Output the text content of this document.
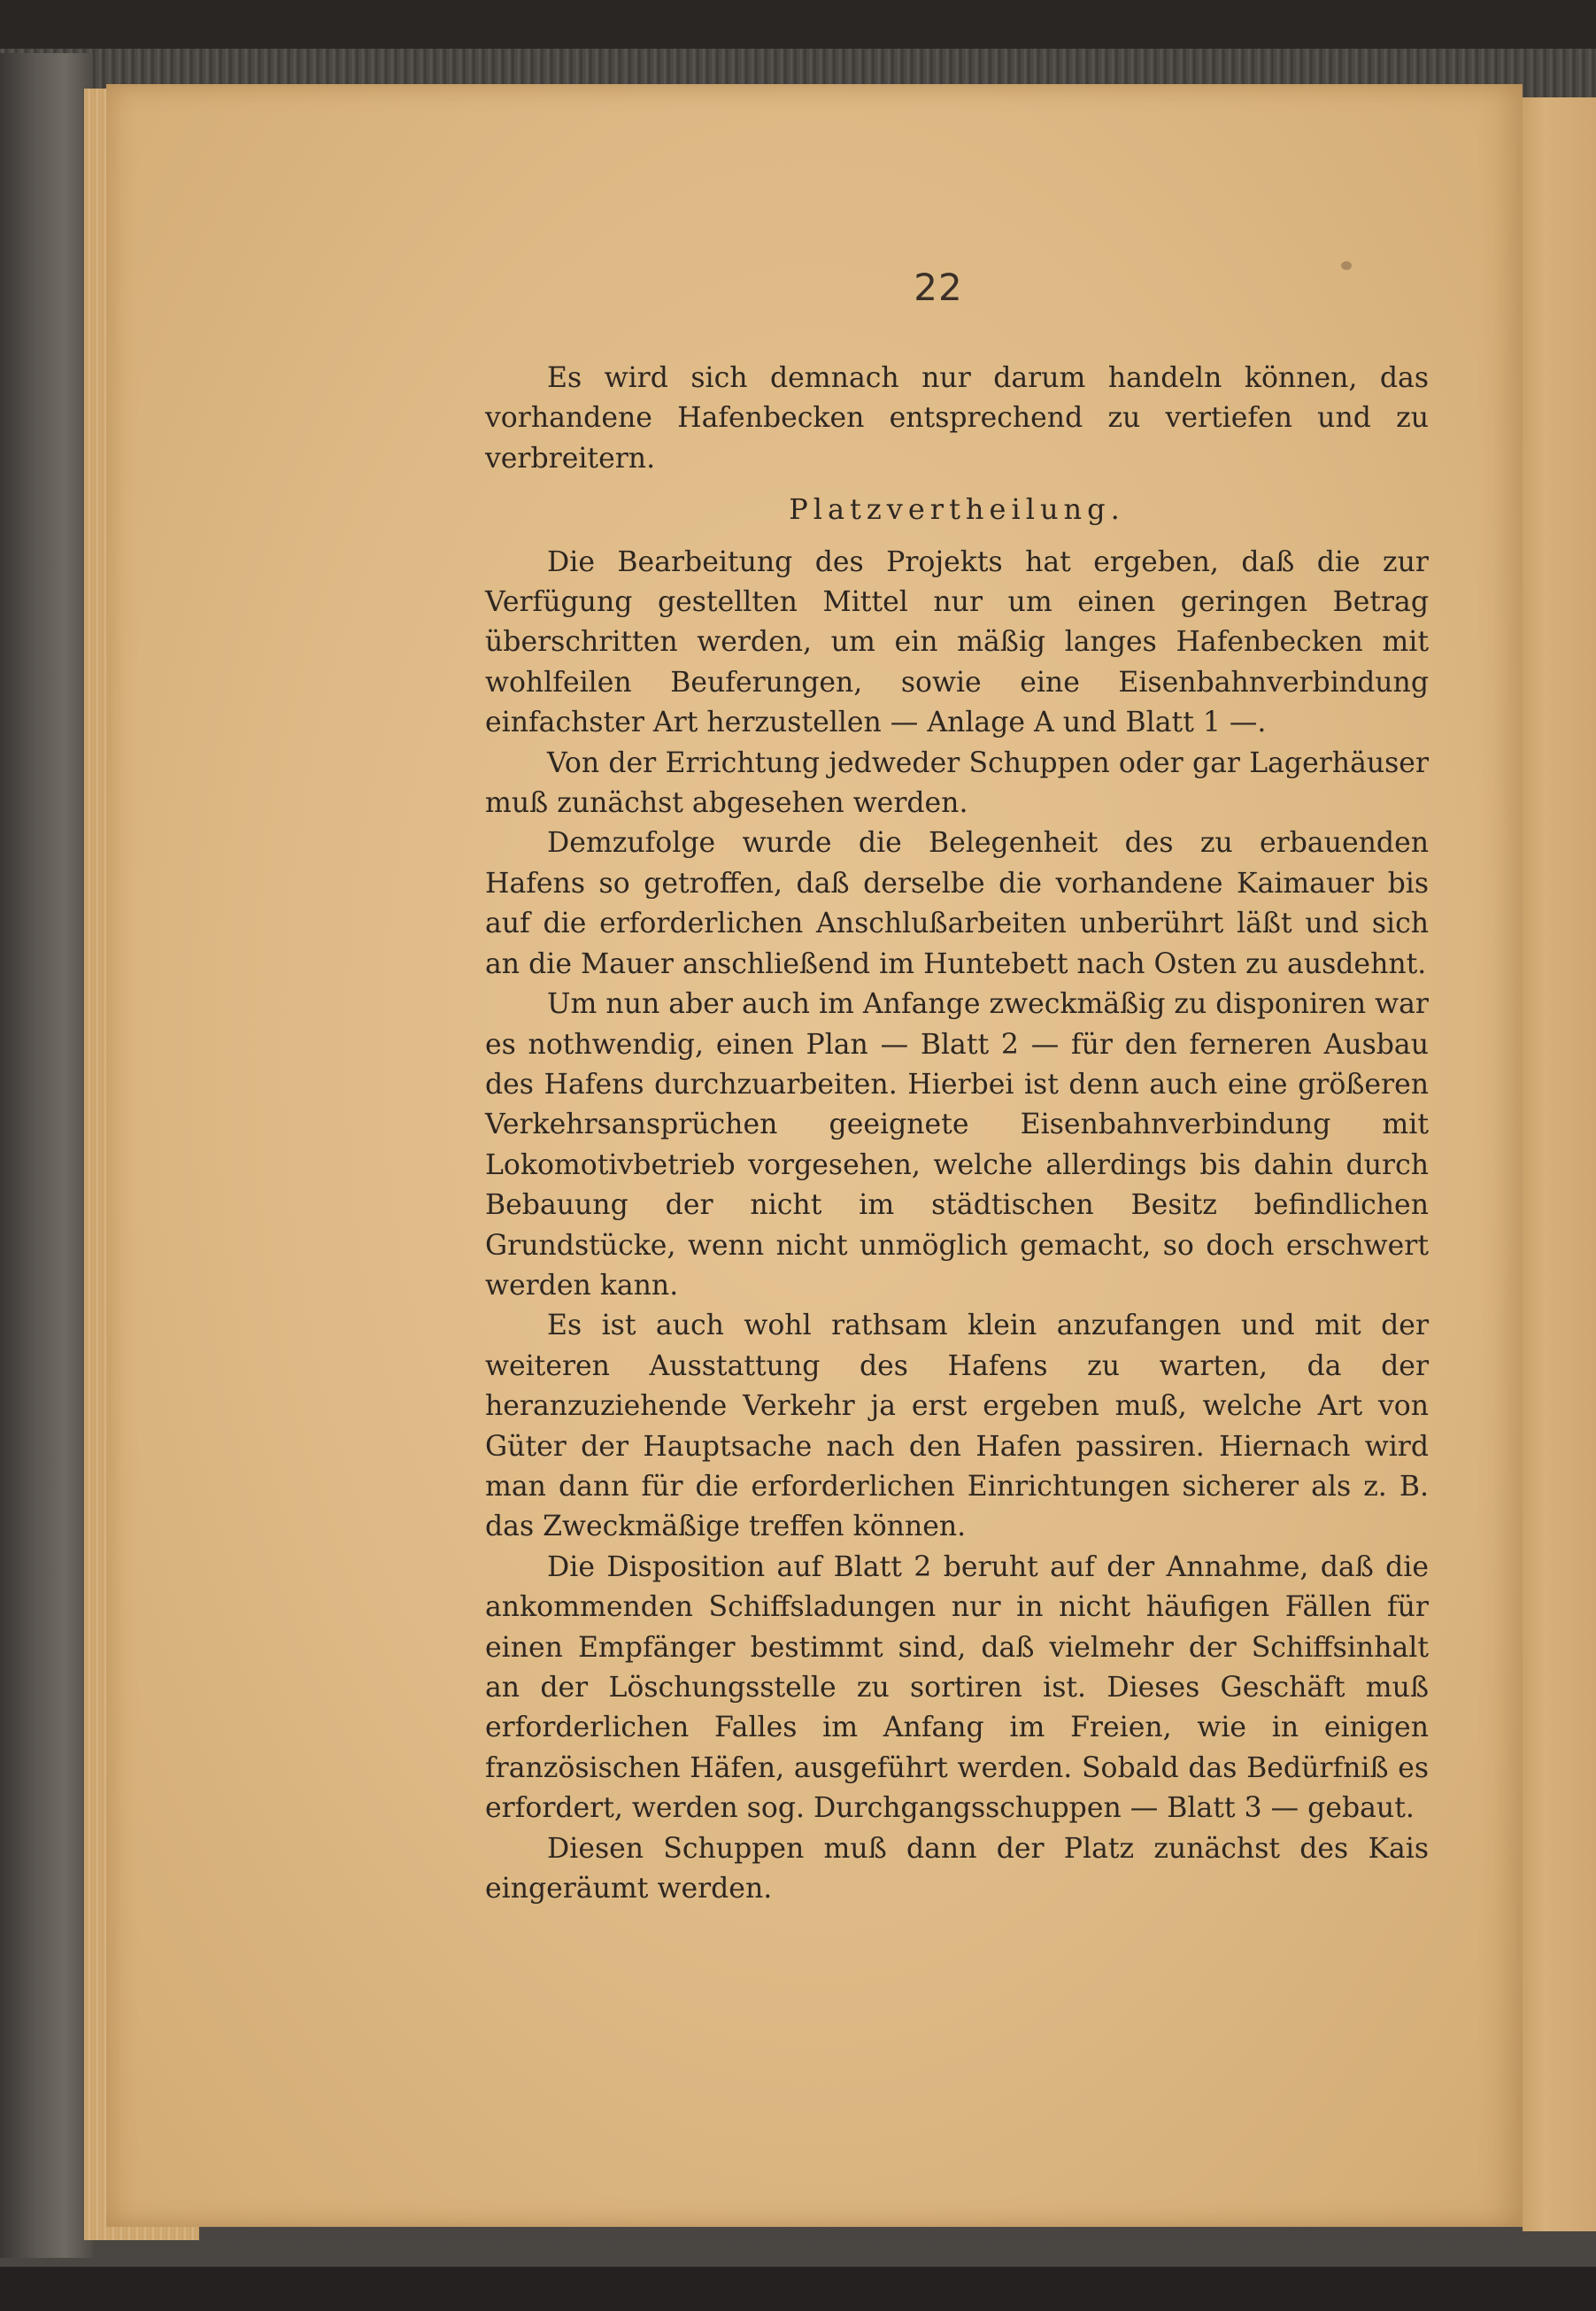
22

Es wird sich demnach nur darum handeln können, das vorhandene Hafenbecken entsprechend zu vertiefen und zu verbreitern.

Platzvertheilung.

Die Bearbeitung des Projekts hat ergeben, daß die zur Verfügung gestellten Mittel nur um einen geringen Betrag überschritten werden, um ein mäßig langes Hafenbecken mit wohlfeilen Beuferungen, sowie eine Eisenbahnverbindung einfachster Art herzustellen — Anlage A und Blatt 1 —.

Von der Errichtung jedweder Schuppen oder gar Lagerhäuser muß zunächst abgesehen werden.

Demzufolge wurde die Belegenheit des zu erbauenden Hafens so getroffen, daß derselbe die vorhandene Kaimauer bis auf die erforderlichen Anschlußarbeiten unberührt läßt und sich an die Mauer anschließend im Huntebett nach Osten zu ausdehnt.

Um nun aber auch im Anfange zweckmäßig zu disponiren war es nothwendig, einen Plan — Blatt 2 — für den ferneren Ausbau des Hafens durchzuarbeiten. Hierbei ist denn auch eine größeren Verkehrsansprüchen geeignete Eisenbahnverbindung mit Lokomotivbetrieb vorgesehen, welche allerdings bis dahin durch Bebauung der nicht im städtischen Besitz befindlichen Grundstücke, wenn nicht unmöglich gemacht, so doch erschwert werden kann.

Es ist auch wohl rathsam klein anzufangen und mit der weiteren Ausstattung des Hafens zu warten, da der heranzuziehende Verkehr ja erst ergeben muß, welche Art von Güter der Hauptsache nach den Hafen passiren. Hiernach wird man dann für die erforderlichen Einrichtungen sicherer als z. B. das Zweckmäßige treffen können.

Die Disposition auf Blatt 2 beruht auf der Annahme, daß die ankommenden Schiffsladungen nur in nicht häufigen Fällen für einen Empfänger bestimmt sind, daß vielmehr der Schiffsinhalt an der Löschungsstelle zu sortiren ist. Dieses Geschäft muß erforderlichen Falles im Anfang im Freien, wie in einigen französischen Häfen, ausgeführt werden. Sobald das Bedürfniß es erfordert, werden sog. Durchgangsschuppen — Blatt 3 — gebaut.

Diesen Schuppen muß dann der Platz zunächst des Kais eingeräumt werden.
